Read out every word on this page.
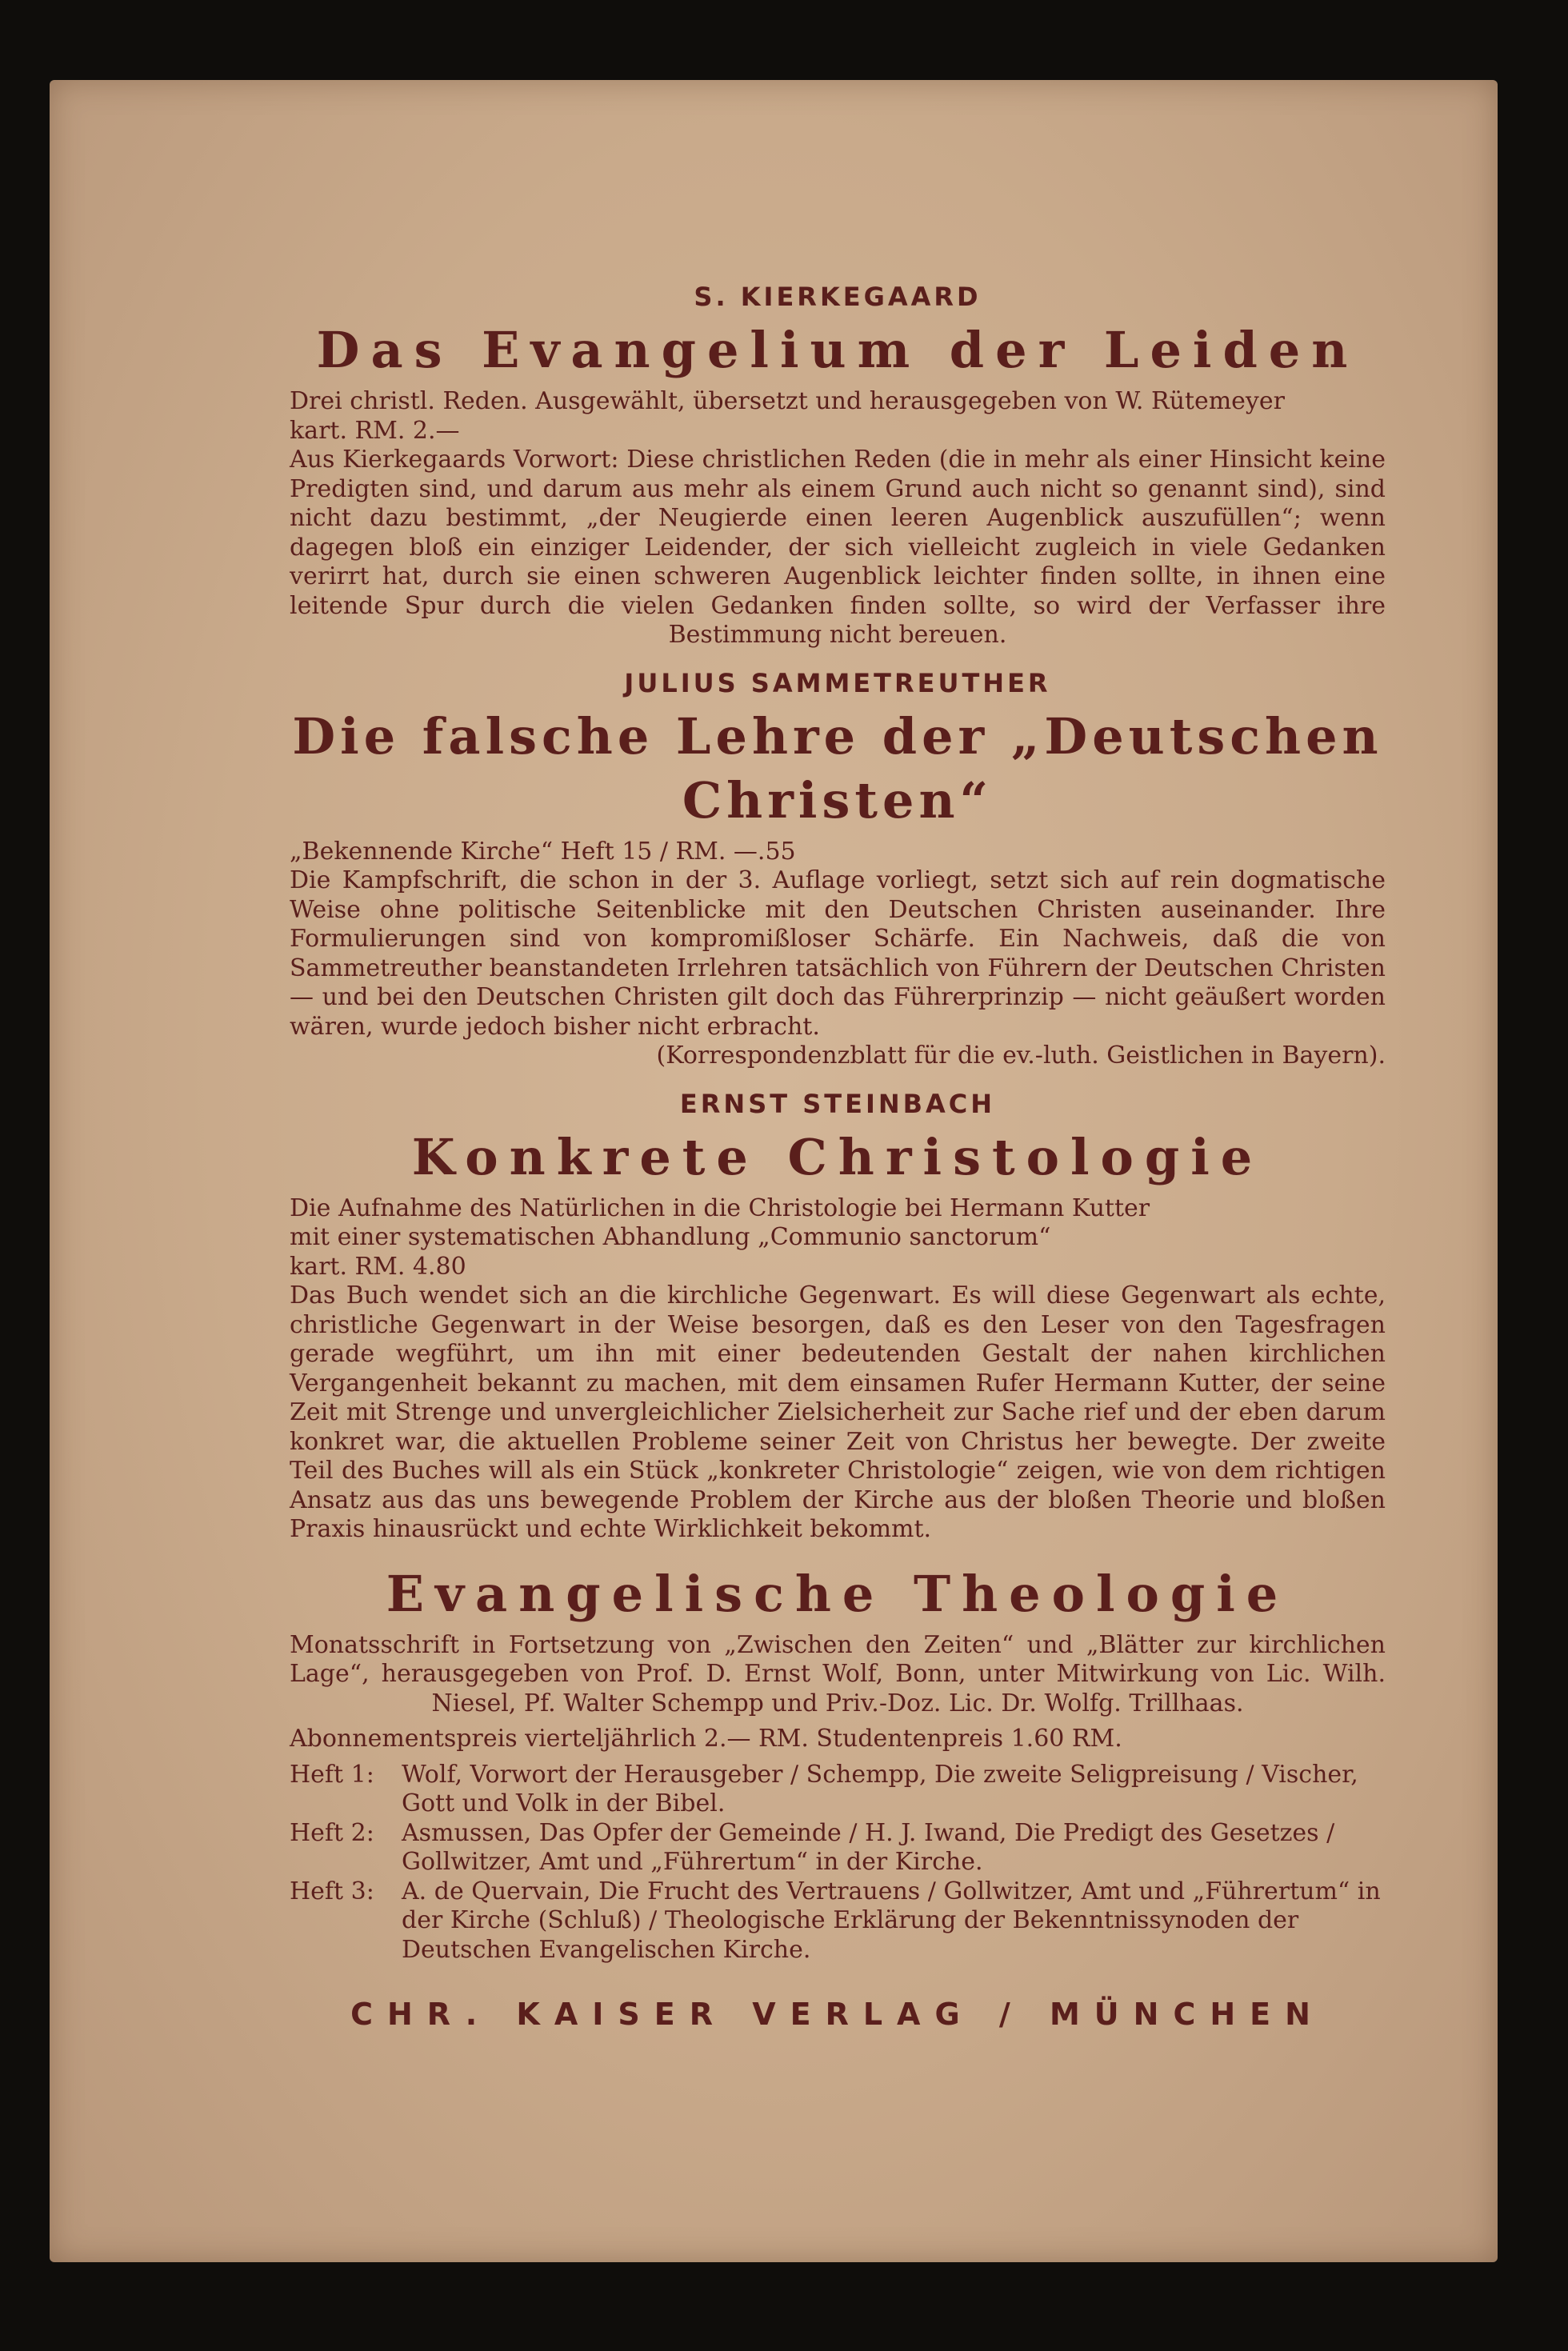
S. KIERKEGAARD
Das Evangelium der Leiden
Drei christl. Reden. Ausgewählt, übersetzt und herausgegeben von W. Rütemeyer
kart. RM. 2.—

Aus Kierkegaards Vorwort: Diese christlichen Reden (die in mehr als einer Hinsicht keine Predigten sind, und darum aus mehr als einem Grund auch nicht so genannt sind), sind nicht dazu bestimmt, „der Neugierde einen leeren Augenblick auszufüllen“; wenn dagegen bloß ein einziger Leidender, der sich vielleicht zugleich in viele Gedanken verirrt hat, durch sie einen schweren Augenblick leichter finden sollte, in ihnen eine leitende Spur durch die vielen Gedanken finden sollte, so wird der Verfasser ihre Bestimmung nicht bereuen.

JULIUS SAMMETREUTHER
Die falsche Lehre der „Deutschen Christen“
„Bekennende Kirche“ Heft 15 / RM. —.55

Die Kampfschrift, die schon in der 3. Auflage vorliegt, setzt sich auf rein dogmatische Weise ohne politische Seitenblicke mit den Deutschen Christen auseinander. Ihre Formulierungen sind von kompromißloser Schärfe. Ein Nachweis, daß die von Sammetreuther beanstandeten Irrlehren tatsächlich von Führern der Deutschen Christen — und bei den Deutschen Christen gilt doch das Führerprinzip — nicht geäußert worden wären, wurde jedoch bisher nicht erbracht.

(Korrespondenzblatt für die ev.-luth. Geistlichen in Bayern).
ERNST STEINBACH
Konkrete Christologie
Die Aufnahme des Natürlichen in die Christologie bei Hermann Kutter
mit einer systematischen Abhandlung „Communio sanctorum“
kart. RM. 4.80

Das Buch wendet sich an die kirchliche Gegenwart. Es will diese Gegenwart als echte, christliche Gegenwart in der Weise besorgen, daß es den Leser von den Tagesfragen gerade wegführt, um ihn mit einer bedeutenden Gestalt der nahen kirchlichen Vergangenheit bekannt zu machen, mit dem einsamen Rufer Hermann Kutter, der seine Zeit mit Strenge und unvergleichlicher Zielsicherheit zur Sache rief und der eben darum konkret war, die aktuellen Probleme seiner Zeit von Christus her bewegte. Der zweite Teil des Buches will als ein Stück „konkreter Christologie“ zeigen, wie von dem richtigen Ansatz aus das uns bewegende Problem der Kirche aus der bloßen Theorie und bloßen Praxis hinausrückt und echte Wirklichkeit bekommt.

Evangelische Theologie

Monatsschrift in Fortsetzung von „Zwischen den Zeiten“ und „Blätter zur kirchlichen Lage“, herausgegeben von Prof. D. Ernst Wolf, Bonn, unter Mitwirkung von Lic. Wilh. Niesel, Pf. Walter Schempp und Priv.-Doz. Lic. Dr. Wolfg. Trillhaas.

Abonnementspreis vierteljährlich 2.— RM. Studentenpreis 1.60 RM.
Heft 1:	Wolf, Vorwort der Herausgeber / Schempp, Die zweite Seligpreisung / Vischer, Gott und Volk in der Bibel.
Heft 2:	Asmussen, Das Opfer der Gemeinde / H. J. Iwand, Die Predigt des Gesetzes / Gollwitzer, Amt und „Führertum“ in der Kirche.
Heft 3:	A. de Quervain, Die Frucht des Vertrauens / Gollwitzer, Amt und „Führertum“ in der Kirche (Schluß) / Theologische Erklärung der Bekenntnissynoden der Deutschen Evangelischen Kirche.
CHR. KAISER VERLAG / MÜNCHEN
